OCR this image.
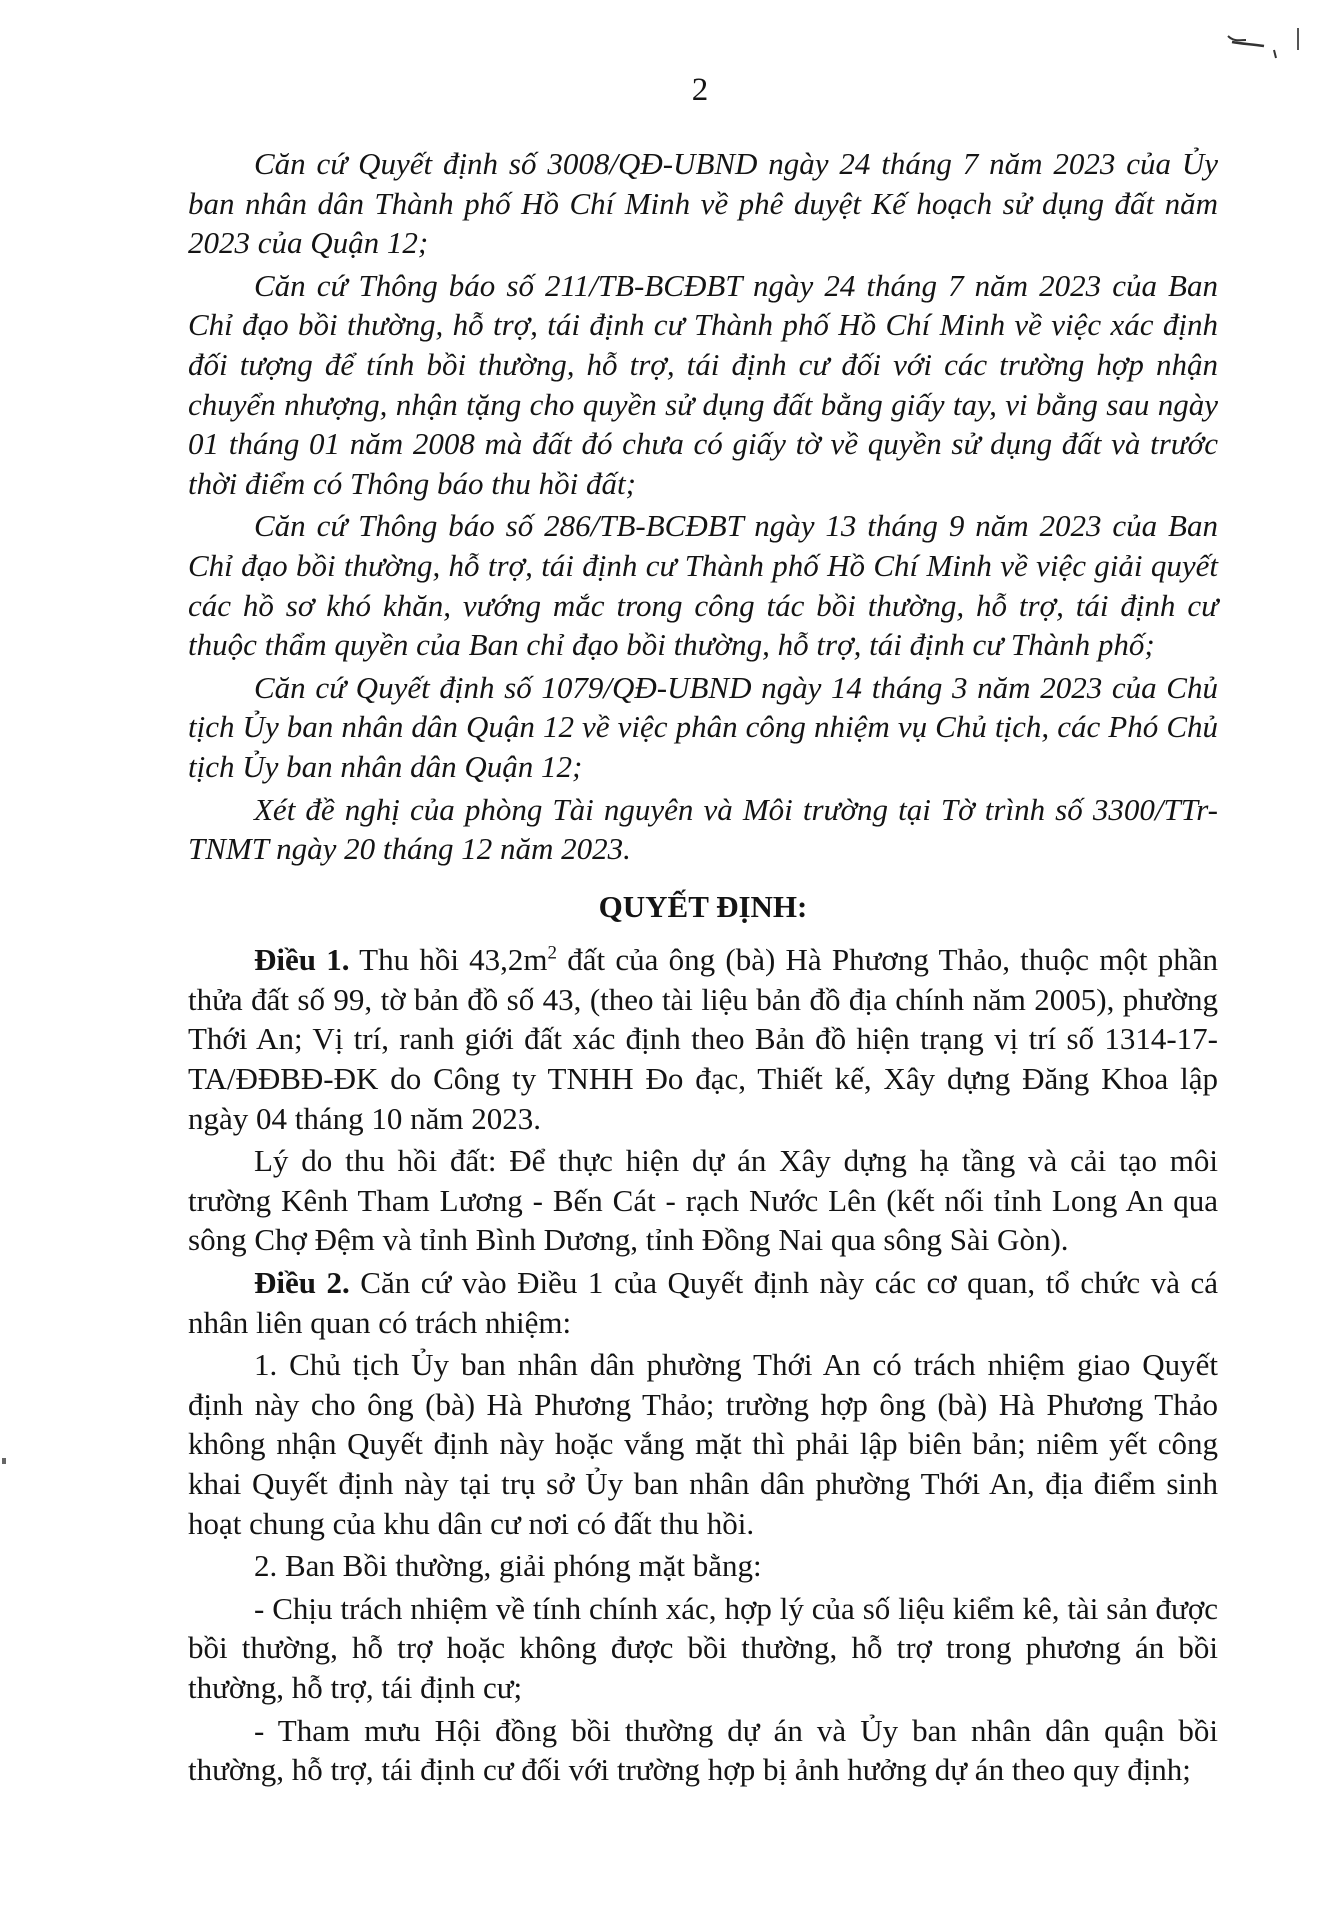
2

Căn cứ Quyết định số 3008/QĐ-UBND ngày 24 tháng 7 năm 2023 của Ủy ban nhân dân Thành phố Hồ Chí Minh về phê duyệt Kế hoạch sử dụng đất năm 2023 của Quận 12;

Căn cứ Thông báo số 211/TB-BCĐBT ngày 24 tháng 7 năm 2023 của Ban Chỉ đạo bồi thường, hỗ trợ, tái định cư Thành phố Hồ Chí Minh về việc xác định đối tượng để tính bồi thường, hỗ trợ, tái định cư đối với các trường hợp nhận chuyển nhượng, nhận tặng cho quyền sử dụng đất bằng giấy tay, vi bằng sau ngày 01 tháng 01 năm 2008 mà đất đó chưa có giấy tờ về quyền sử dụng đất và trước thời điểm có Thông báo thu hồi đất;

Căn cứ Thông báo số 286/TB-BCĐBT ngày 13 tháng 9 năm 2023 của Ban Chỉ đạo bồi thường, hỗ trợ, tái định cư Thành phố Hồ Chí Minh về việc giải quyết các hồ sơ khó khăn, vướng mắc trong công tác bồi thường, hỗ trợ, tái định cư thuộc thẩm quyền của Ban chỉ đạo bồi thường, hỗ trợ, tái định cư Thành phố;

Căn cứ Quyết định số 1079/QĐ-UBND ngày 14 tháng 3 năm 2023 của Chủ tịch Ủy ban nhân dân Quận 12 về việc phân công nhiệm vụ Chủ tịch, các Phó Chủ tịch Ủy ban nhân dân Quận 12;

Xét đề nghị của phòng Tài nguyên và Môi trường tại Tờ trình số 3300/TTr-TNMT ngày 20 tháng 12 năm 2023.

QUYẾT ĐỊNH:

Điều 1. Thu hồi $43,2m^2$ đất của ông (bà) Hà Phương Thảo, thuộc một phần thửa đất số 99, tờ bản đồ số 43, (theo tài liệu bản đồ địa chính năm 2005), phường Thới An; Vị trí, ranh giới đất xác định theo Bản đồ hiện trạng vị trí số 1314-17-TA/ĐĐBĐ-ĐK do Công ty TNHH Đo đạc, Thiết kế, Xây dựng Đăng Khoa lập ngày 04 tháng 10 năm 2023.

Lý do thu hồi đất: Để thực hiện dự án Xây dựng hạ tầng và cải tạo môi trường Kênh Tham Lương - Bến Cát - rạch Nước Lên (kết nối tỉnh Long An qua sông Chợ Đệm và tỉnh Bình Dương, tỉnh Đồng Nai qua sông Sài Gòn).

Điều 2. Căn cứ vào Điều 1 của Quyết định này các cơ quan, tổ chức và cá nhân liên quan có trách nhiệm:

1. Chủ tịch Ủy ban nhân dân phường Thới An có trách nhiệm giao Quyết định này cho ông (bà) Hà Phương Thảo; trường hợp ông (bà) Hà Phương Thảo không nhận Quyết định này hoặc vắng mặt thì phải lập biên bản; niêm yết công khai Quyết định này tại trụ sở Ủy ban nhân dân phường Thới An, địa điểm sinh hoạt chung của khu dân cư nơi có đất thu hồi.

2. Ban Bồi thường, giải phóng mặt bằng:

- Chịu trách nhiệm về tính chính xác, hợp lý của số liệu kiểm kê, tài sản được bồi thường, hỗ trợ hoặc không được bồi thường, hỗ trợ trong phương án bồi thường, hỗ trợ, tái định cư;

- Tham mưu Hội đồng bồi thường dự án và Ủy ban nhân dân quận bồi thường, hỗ trợ, tái định cư đối với trường hợp bị ảnh hưởng dự án theo quy định;
